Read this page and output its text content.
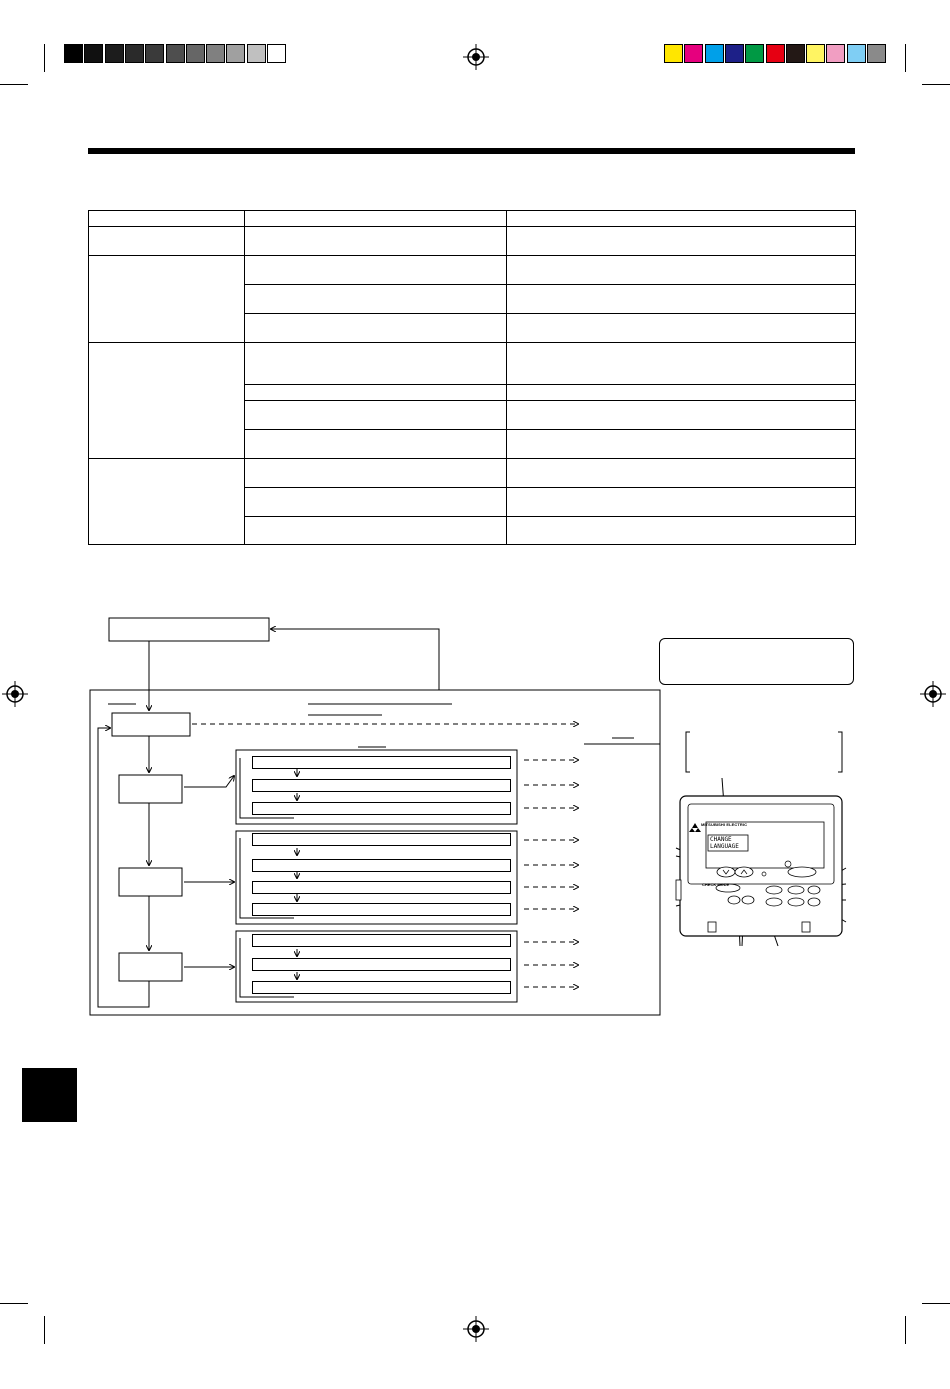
MITSUBISHI ELECTRIC
CHANGE
LANGUAGE
CHECK MODE
